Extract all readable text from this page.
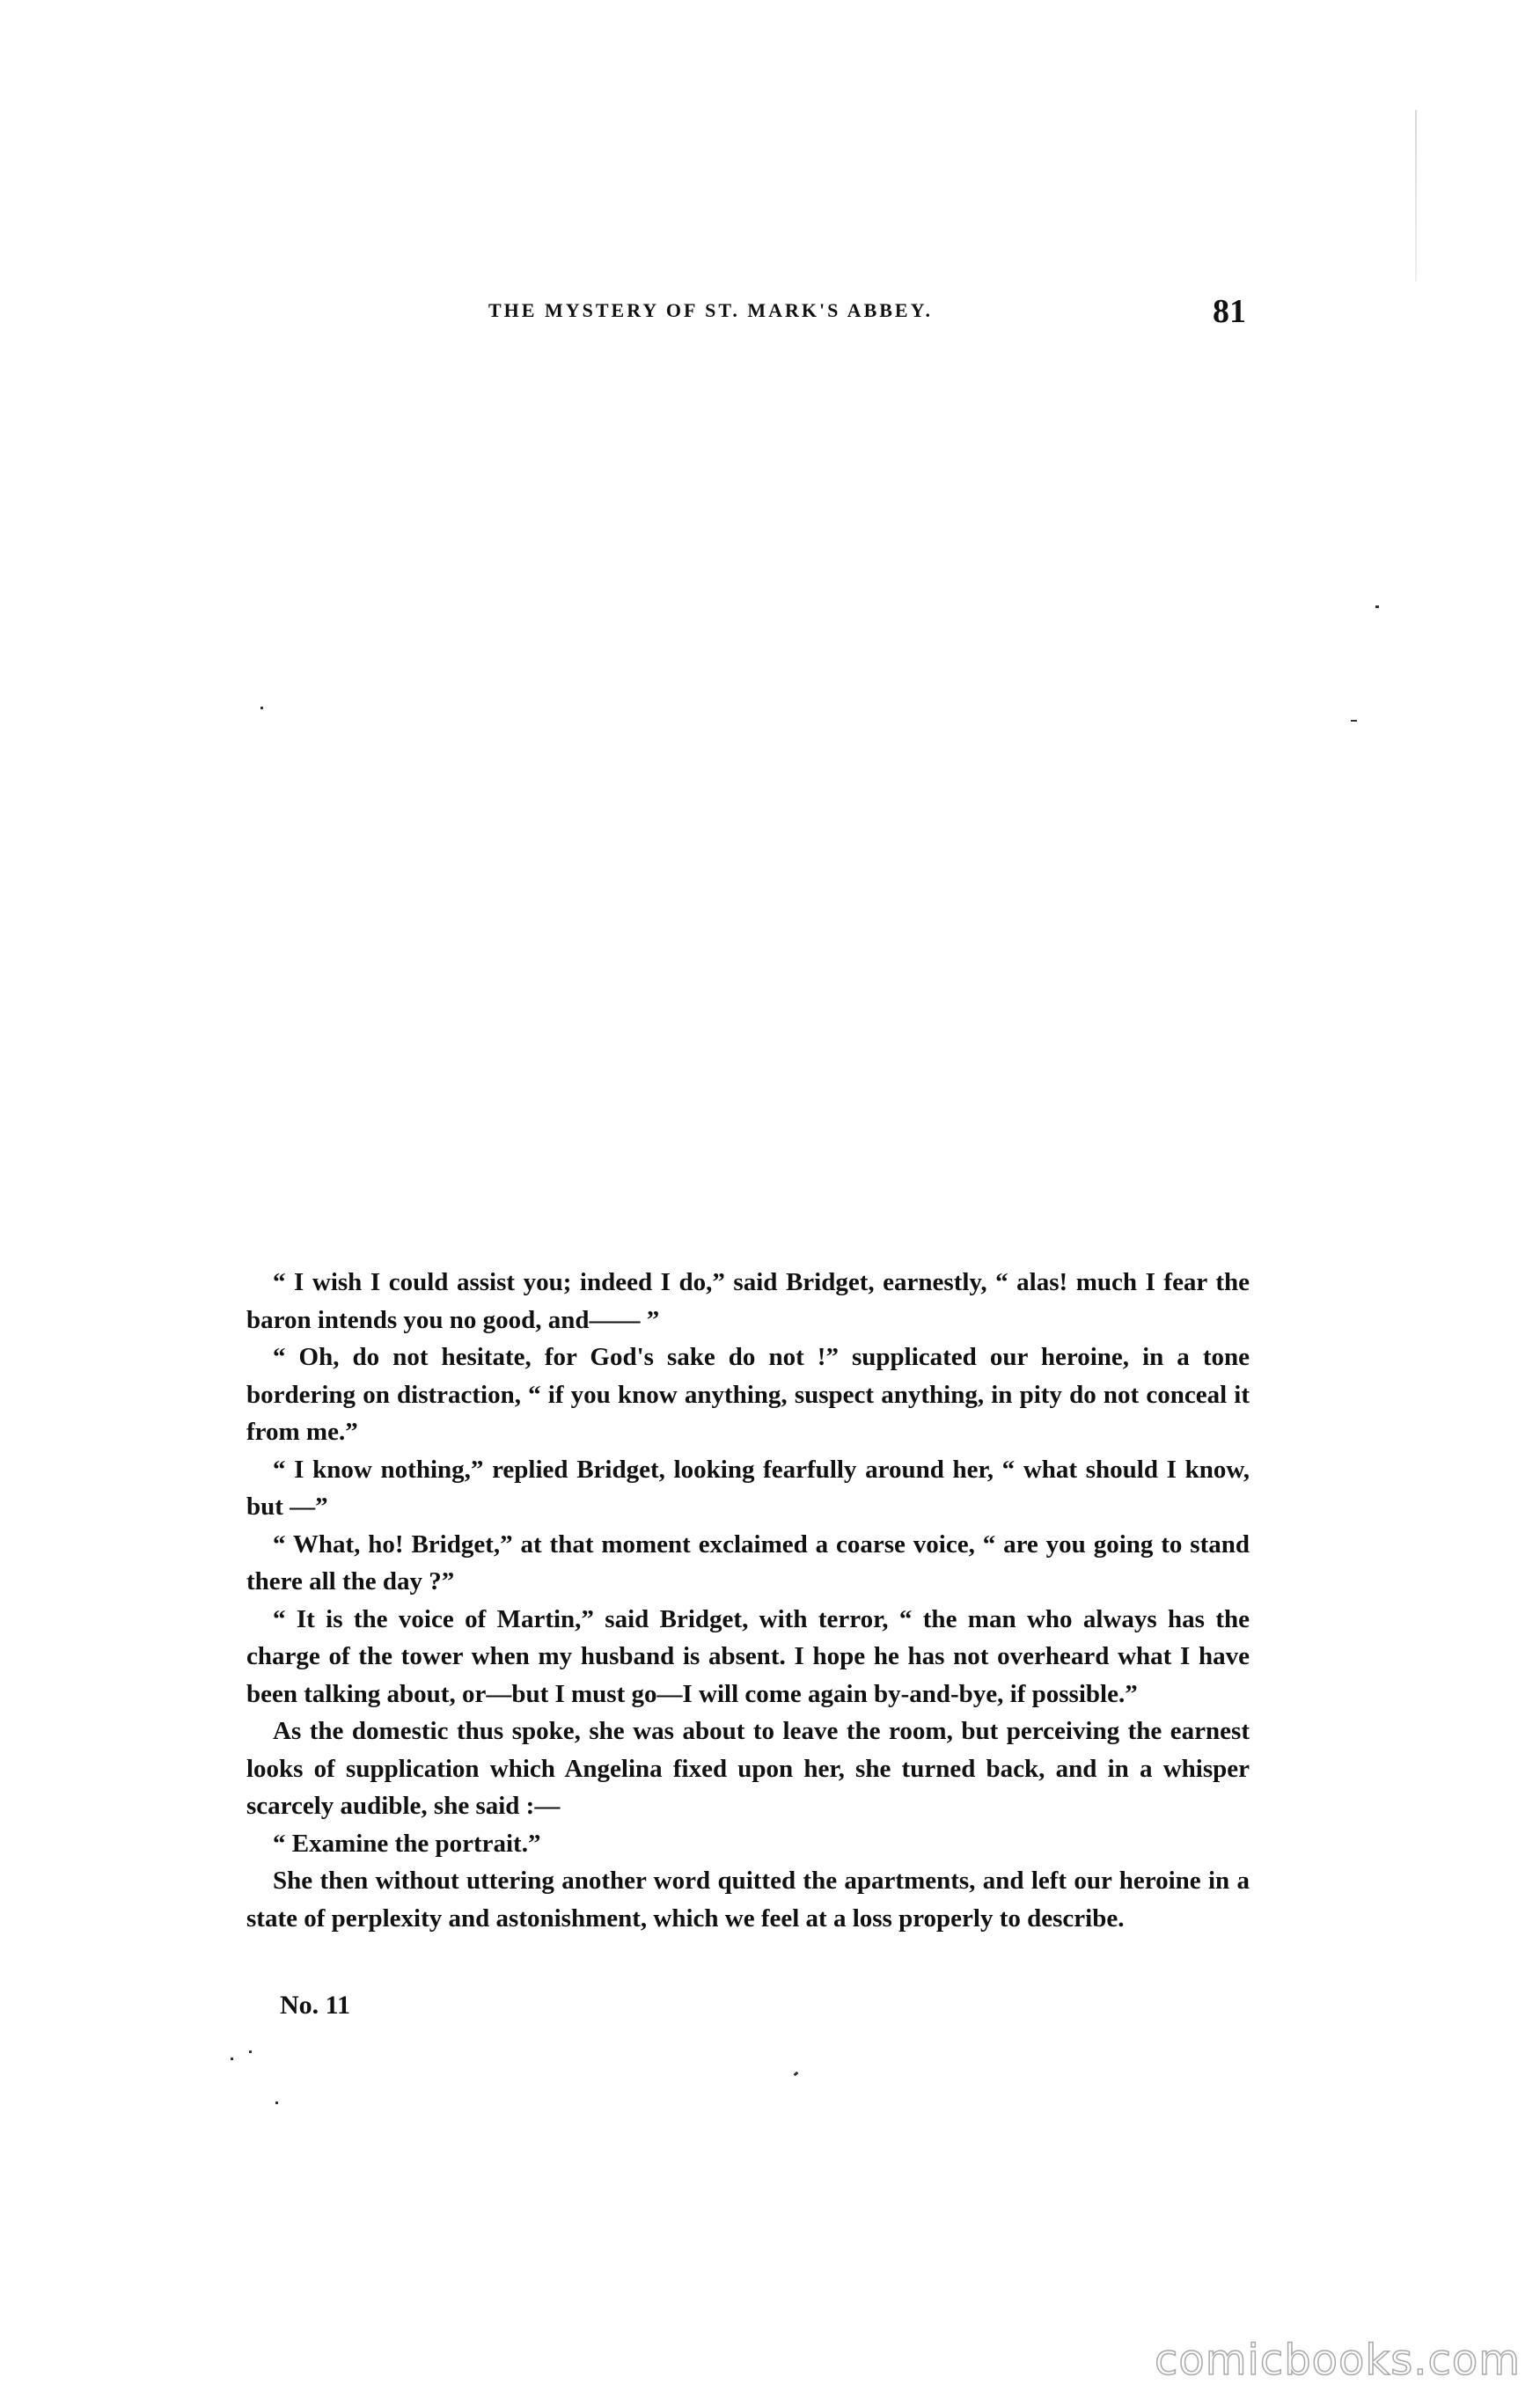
THE MYSTERY OF ST. MARK'S ABBEY.	81

“ I wish I could assist you; indeed I do,” said Bridget, earnestly, “ alas! much I fear the baron intends you no good, and—— ”

“ Oh, do not hesitate, for God's sake do not !” supplicated our heroine, in a tone bordering on distraction, “ if you know anything, suspect anything, in pity do not conceal it from me.”

“ I know nothing,” replied Bridget, looking fearfully around her, “ what should I know, but —”

“ What, ho! Bridget,” at that moment exclaimed a coarse voice, “ are you going to stand there all the day ?”

“ It is the voice of Martin,” said Bridget, with terror, “ the man who always has the charge of the tower when my husband is absent. I hope he has not overheard what I have been talking about, or—but I must go—I will come again by-and-bye, if possible.”

As the domestic thus spoke, she was about to leave the room, but perceiving the earnest looks of supplication which Angelina fixed upon her, she turned back, and in a whisper scarcely audible, she said :—

“ Examine the portrait.”

She then without uttering another word quitted the apartments, and left our heroine in a state of perplexity and astonishment, which we feel at a loss properly to describe.

No. 11
comicbooks.com
